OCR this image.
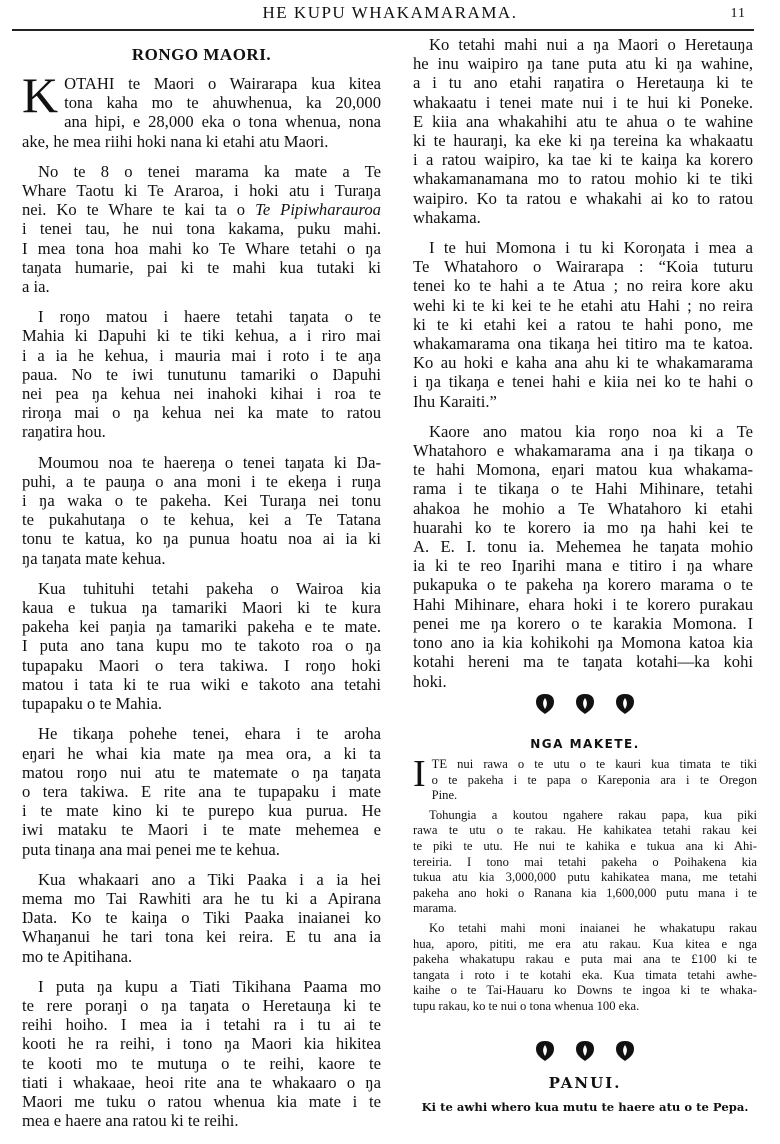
HE KUPU WHAKAMARAMA.	11
RONGO MAORI.
K OTAHI te Maori o Wairarapa kua kitea
tona kaha mo te ahuwhenua, ka 20,000
ana hipi, e 28,000 eka o tona whenua, nona
ake, he mea riihi hoki nana ki etahi atu Maori.
No te 8 o tenei marama ka mate a Te
Whare Taotu ki Te Araroa, i hoki atu i Turaŋa
nei. Ko te Whare te kai ta o Te Pipiwharauroa
i tenei tau, he nui tona kakama, puku mahi.
I mea tona hoa mahi ko Te Whare tetahi o ŋa
taŋata humarie, pai ki te mahi kua tutaki ki
a ia.
I roŋo matou i haere tetahi taŋata o te
Mahia ki Ŋapuhi ki te tiki kehua, a i riro mai
i a ia he kehua, i mauria mai i roto i te aŋa
paua. No te iwi tunutunu tamariki o Ŋapuhi
nei pea ŋa kehua nei inahoki kihai i roa te
riroŋa mai o ŋa kehua nei ka mate to ratou
raŋatira hou.
Moumou noa te haereŋa o tenei taŋata ki Ŋa-
puhi, a te pauŋa o ana moni i te ekeŋa i ruŋa
i ŋa waka o te pakeha. Kei Turaŋa nei tonu
te pukahutaŋa o te kehua, kei a Te Tatana
tonu te katua, ko ŋa punua hoatu noa ai ia ki
ŋa taŋata mate kehua.
Kua tuhituhi tetahi pakeha o Wairoa kia
kaua e tukua ŋa tamariki Maori ki te kura
pakeha kei paŋia ŋa tamariki pakeha e te mate.
I puta ano tana kupu mo te takoto roa o ŋa
tupapaku Maori o tera takiwa. I roŋo hoki
matou i tata ki te rua wiki e takoto ana tetahi
tupapaku o te Mahia.
He tikaŋa pohehe tenei, ehara i te aroha
eŋari he whai kia mate ŋa mea ora, a ki ta
matou roŋo nui atu te matemate o ŋa taŋata
o tera takiwa. E rite ana te tupapaku i mate
i te mate kino ki te purepo kua purua. He
iwi mataku te Maori i te mate mehemea e
puta tinaŋa ana mai penei me te kehua.
Kua whakaari ano a Tiki Paaka i a ia hei
mema mo Tai Rawhiti ara he tu ki a Apirana
Ŋata. Ko te kaiŋa o Tiki Paaka inaianei ko
Whaŋanui he tari tona kei reira. E tu ana ia
mo te Apitihana.
I puta ŋa kupu a Tiati Tikihana Paama mo
te rere poraŋi o ŋa taŋata o Heretauŋa ki te
reihi hoiho. I mea ia i tetahi ra i tu ai te
kooti he ra reihi, i tono ŋa Maori kia hikitea
te kooti mo te mutuŋa o te reihi, kaore te
tiati i whakaae, heoi rite ana te whakaaro o ŋa
Maori me tuku o ratou whenua kia mate i te
mea e haere ana ratou ki te reihi.
Ko tetahi mahi nui a ŋa Maori o Heretauŋa
he inu waipiro ŋa tane puta atu ki ŋa wahine,
a i tu ano etahi raŋatira o Heretauŋa ki te
whakaatu i tenei mate nui i te hui ki Poneke.
E kiia ana whakahihi atu te ahua o te wahine
ki te hauraŋi, ka eke ki ŋa tereina ka whakaatu
i a ratou waipiro, ka tae ki te kaiŋa ka korero
whakamanamana mo to ratou mohio ki te tiki
waipiro. Ko ta ratou e whakahi ai ko to ratou
whakama.
I te hui Momona i tu ki Koroŋata i mea a
Te Whatahoro o Wairarapa : “Koia tuturu
tenei ko te hahi a te Atua ; no reira kore aku
wehi ki te ki kei te he etahi atu Hahi ; no reira
ki te ki etahi kei a ratou te hahi pono, me
whakamarama ona tikaŋa hei titiro ma te katoa.
Ko au hoki e kaha ana ahu ki te whakamarama
i ŋa tikaŋa e tenei hahi e kiia nei ko te hahi o
Ihu Karaiti.”
Kaore ano matou kia roŋo noa ki a Te
Whatahoro e whakamarama ana i ŋa tikaŋa o
te hahi Momona, eŋari matou kua whakama-
rama i te tikaŋa o te Hahi Mihinare, tetahi
ahakoa he mohio a Te Whatahoro ki etahi
huarahi ko te korero ia mo ŋa hahi kei te
A. E. I. tonu ia. Mehemea he taŋata mohio
ia ki te reo Iŋarihi mana e titiro i ŋa whare
pukapuka o te pakeha ŋa korero marama o te
Hahi Mihinare, ehara hoki i te korero purakau
penei me ŋa korero o te karakia Momona. I
tono ano ia kia kohikohi ŋa Momona katoa kia
kotahi hereni ma te taŋata kotahi—ka kohi
hoki.
NGA MAKETE.
I TE nui rawa o te utu o te kauri kua timata te tiki
o te pakeha i te papa o Kareponia ara i te Oregon
Pine.
Tohungia a koutou ngahere rakau papa, kua piki
rawa te utu o te rakau. He kahikatea tetahi rakau kei
te piki te utu. He nui te kahika e tukua ana ki Ahi-
tereiria. I tono mai tetahi pakeha o Poihakena kia
tukua atu kia 3,000,000 putu kahikatea mana, me tetahi
pakeha ano hoki o Ranana kia 1,600,000 putu mana i te
marama.
Ko tetahi mahi moni inaianei he whakatupu rakau
hua, aporo, pititi, me era atu rakau. Kua kitea e nga
pakeha whakatupu rakau e puta mai ana te £100 ki te
tangata i roto i te kotahi eka. Kua timata tetahi awhe-
kaihe o te Tai-Hauaru ko Downs te ingoa ki te whaka-
tupu rakau, ko te nui o tona whenua 100 eka.
PANUI.
Ki te awhi whero kua mutu te haere atu o te Pepa.
